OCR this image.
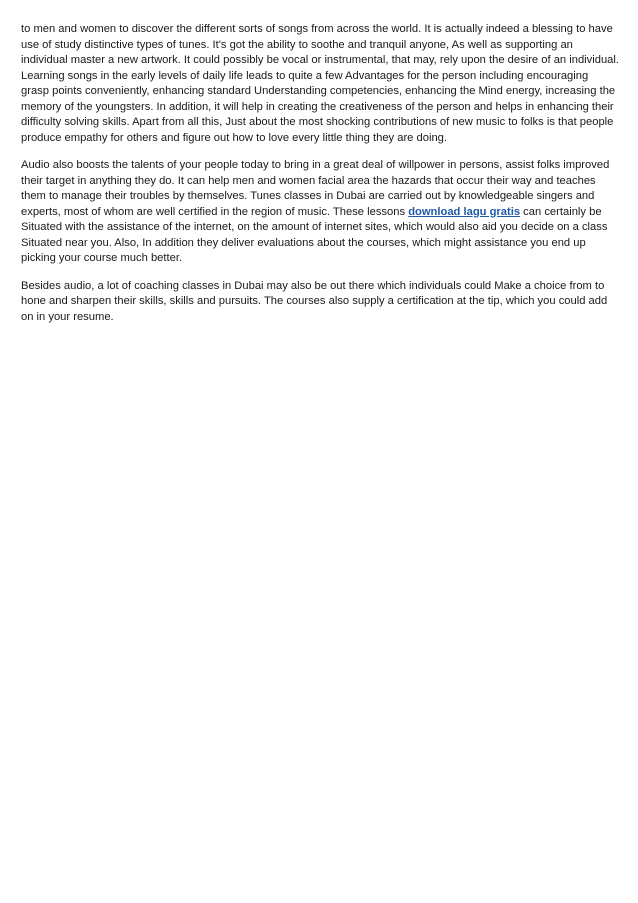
to men and women to discover the different sorts of songs from across the world. It is actually indeed a blessing to have use of study distinctive types of tunes. It's got the ability to soothe and tranquil anyone, As well as supporting an individual master a new artwork. It could possibly be vocal or instrumental, that may, rely upon the desire of an individual. Learning songs in the early levels of daily life leads to quite a few Advantages for the person including encouraging grasp points conveniently, enhancing standard Understanding competencies, enhancing the Mind energy, increasing the memory of the youngsters. In addition, it will help in creating the creativeness of the person and helps in enhancing their difficulty solving skills. Apart from all this, Just about the most shocking contributions of new music to folks is that people produce empathy for others and figure out how to love every little thing they are doing.

Audio also boosts the talents of your people today to bring in a great deal of willpower in persons, assist folks improved their target in anything they do. It can help men and women facial area the hazards that occur their way and teaches them to manage their troubles by themselves. Tunes classes in Dubai are carried out by knowledgeable singers and experts, most of whom are well certified in the region of music. These lessons download lagu gratis can certainly be Situated with the assistance of the internet, on the amount of internet sites, which would also aid you decide on a class Situated near you. Also, In addition they deliver evaluations about the courses, which might assistance you end up picking your course much better.

Besides audio, a lot of coaching classes in Dubai may also be out there which individuals could Make a choice from to hone and sharpen their skills, skills and pursuits. The courses also supply a certification at the tip, which you could add on in your resume.
